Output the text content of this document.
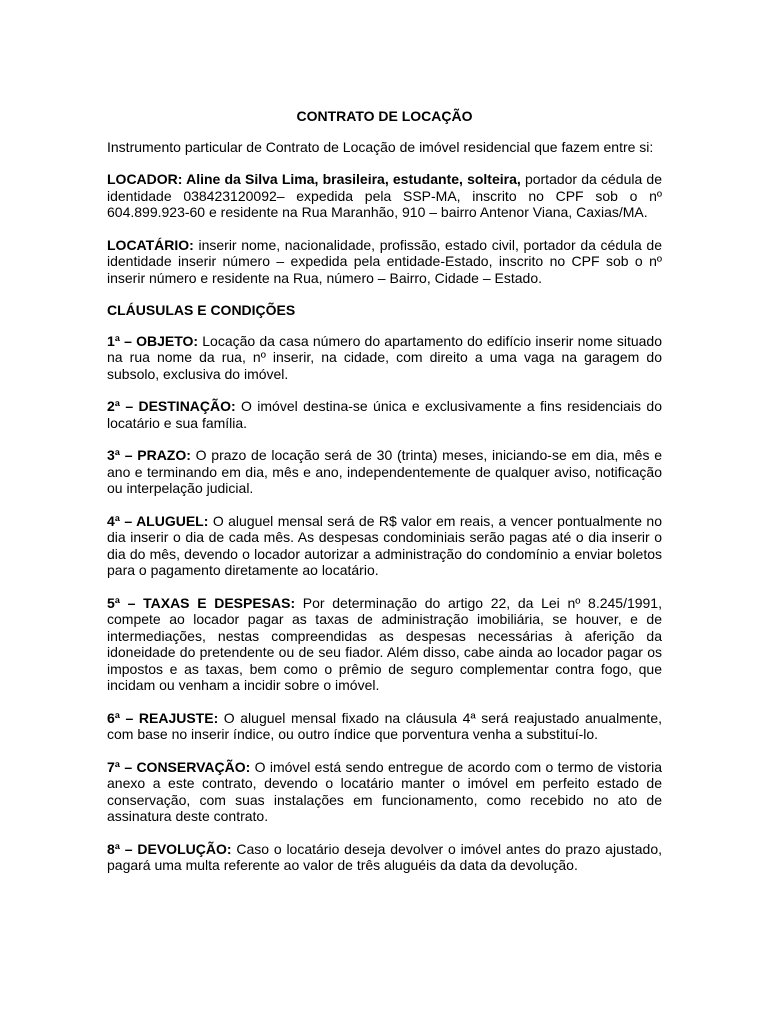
CONTRATO DE LOCAÇÃO

Instrumento particular de Contrato de Locação de imóvel residencial que fazem entre si:

LOCADOR: Aline da Silva Lima, brasileira, estudante, solteira, portador da cédula de identidade 038423120092– expedida pela SSP-MA, inscrito no CPF sob o nº 604.899.923-60 e residente na Rua Maranhão, 910 – bairro Antenor Viana, Caxias/MA.

LOCATÁRIO: inserir nome, nacionalidade, profissão, estado civil, portador da cédula de identidade inserir número – expedida pela entidade-Estado, inscrito no CPF sob o nº inserir número e residente na Rua, número – Bairro, Cidade – Estado.

CLÁUSULAS E CONDIÇÕES

1ª – OBJETO: Locação da casa número do apartamento do edifício inserir nome situado na rua nome da rua, nº inserir, na cidade, com direito a uma vaga na garagem do subsolo, exclusiva do imóvel.

2ª – DESTINAÇÃO: O imóvel destina-se única e exclusivamente a fins residenciais do locatário e sua família.

3ª – PRAZO: O prazo de locação será de 30 (trinta) meses, iniciando-se em dia, mês e ano e terminando em dia, mês e ano, independentemente de qualquer aviso, notificação ou interpelação judicial.

4ª – ALUGUEL: O aluguel mensal será de R$ valor em reais, a vencer pontualmente no dia inserir o dia de cada mês. As despesas condominiais serão pagas até o dia inserir o dia do mês, devendo o locador autorizar a administração do condomínio a enviar boletos para o pagamento diretamente ao locatário.

5ª – TAXAS E DESPESAS: Por determinação do artigo 22, da Lei nº 8.245/1991, compete ao locador pagar as taxas de administração imobiliária, se houver, e de intermediações, nestas compreendidas as despesas necessárias à aferição da idoneidade do pretendente ou de seu fiador. Além disso, cabe ainda ao locador pagar os impostos e as taxas, bem como o prêmio de seguro complementar contra fogo, que incidam ou venham a incidir sobre o imóvel.

6ª – REAJUSTE: O aluguel mensal fixado na cláusula 4ª será reajustado anualmente, com base no inserir índice, ou outro índice que porventura venha a substituí-lo.

7ª – CONSERVAÇÃO: O imóvel está sendo entregue de acordo com o termo de vistoria anexo a este contrato, devendo o locatário manter o imóvel em perfeito estado de conservação, com suas instalações em funcionamento, como recebido no ato de assinatura deste contrato.

8ª – DEVOLUÇÃO: Caso o locatário deseja devolver o imóvel antes do prazo ajustado, pagará uma multa referente ao valor de três aluguéis da data da devolução.
